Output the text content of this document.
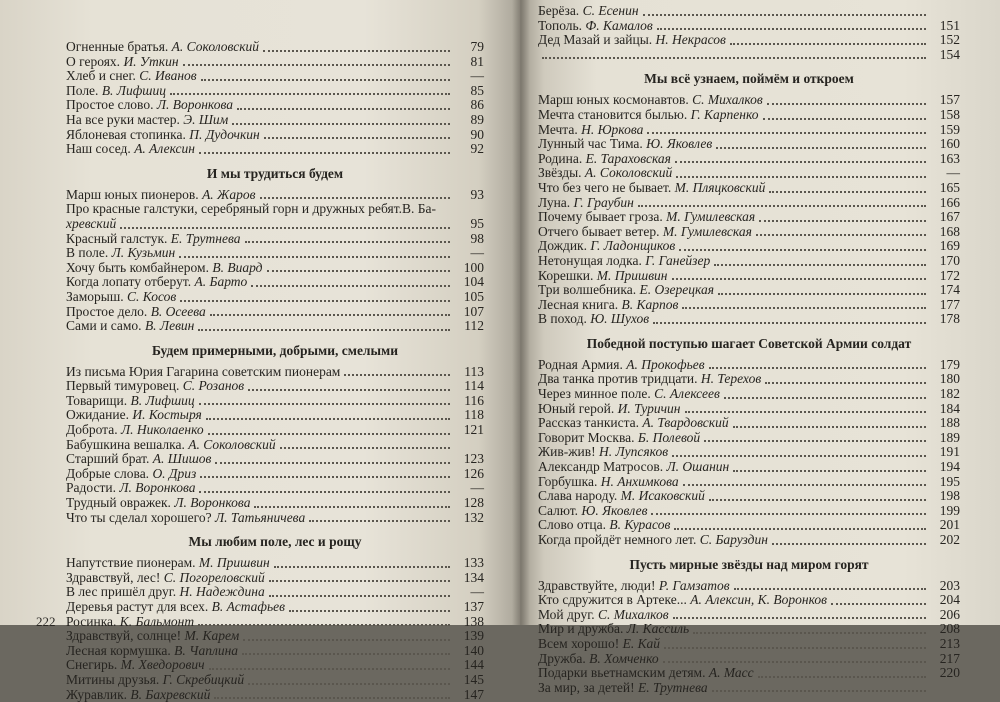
Огненные братья. А. Соколовский	79
О героях. И. Уткин	81
Хлеб и снег. С. Иванов	—
Поле. В. Лифшиц	85
Простое слово. Л. Воронкова	86
На все руки мастер. Э. Шим	89
Яблоневая стопинка. П. Дудочкин	90
Наш сосед. А. Алексин	92
И мы трудиться будем
Марш юных пионеров. А. Жаров	93
Про красные галстуки, серебряный горн и дружных ребят.В. Ба-
хревский	95
Красный галстук. Е. Трутнева	98
В поле. Л. Кузьмин	—
Хочу быть комбайнером. В. Виард	100
Когда лопату отберут. А. Барто	104
Заморыш. С. Косов	105
Простое дело. В. Осеева	107
Сами и само. В. Левин	112
Будем примерными, добрыми, смелыми
Из письма Юрия Гагарина советским пионерам	113
Первый тимуровец. С. Розанов	114
Товарищи. В. Лифшиц	116
Ожидание. И. Костыря	118
Доброта. Л. Николаенко	121
Бабушкина вешалка. А. Соколовский
Старший брат. А. Шишов	123
Добрые слова. О. Дриз	126
Радости. Л. Воронкова	—
Трудный овражек. Л. Воронкова	128
Что ты сделал хорошего? Л. Татьяничева	132
Мы любим поле, лес и рощу
Напутствие пионерам. М. Пришвин	133
Здравствуй, лес! С. Погореловский	134
В лес пришёл друг. Н. Надеждина	—
Деревья растут для всех. В. Астафьев	137
Росинка. К. Бальмонт	138
Здравствуй, солнце! М. Карем	139
Лесная кормушка. В. Чаплина	140
Снегирь. М. Хведорович	144
Митины друзья. Г. Скребицкий	145
Журавлик. В. Бахревский	147
222
Берёза. С. Есенин
Тополь. Ф. Камалов	151
Дед Мазай и зайцы. Н. Некрасов	152
154
Мы всё узнаем, поймём и откроем
Марш юных космонавтов. С. Михалков	157
Мечта становится былью. Г. Карпенко	158
Мечта. Н. Юркова	159
Лунный час Тима. Ю. Яковлев	160
Родина. Е. Тараховская	163
Звёзды. А. Соколовский	—
Что без чего не бывает. М. Пляцковский	165
Луна. Г. Граубин	166
Почему бывает гроза. М. Гумилевская	167
Отчего бывает ветер. М. Гумилевская	168
Дождик. Г. Ладонщиков	169
Нетонущая лодка. Г. Ганейзер	170
Корешки. М. Пришвин	172
Три волшебника. Е. Озерецкая	174
Лесная книга. В. Карпов	177
В поход. Ю. Шухов	178
Победной поступью шагает Советской Армии солдат
Родная Армия. А. Прокофьев	179
Два танка против тридцати. Н. Терехов	180
Через минное поле. С. Алексеев	182
Юный герой. И. Туричин	184
Рассказ танкиста. А. Твардовский	188
Говорит Москва. Б. Полевой	189
Жив-жив! Н. Лупсяков	191
Александр Матросов. Л. Ошанин	194
Горбушка. Н. Анхимкова	195
Слава народу. М. Исаковский	198
Салют. Ю. Яковлев	199
Слово отца. В. Курасов	201
Когда пройдёт немного лет. С. Баруздин	202
Пусть мирные звёзды над миром горят
Здравствуйте, люди! Р. Гамзатов	203
Кто сдружится в Артеке... А. Алексин, К. Воронков	204
Мой друг. С. Михалков	206
Мир и дружба. Л. Кассиль	208
Всем хорошо! Е. Кай	213
Дружба. В. Хомченко	217
Подарки вьетнамским детям. А. Масс	220
За мир, за детей! Е. Трутнева
